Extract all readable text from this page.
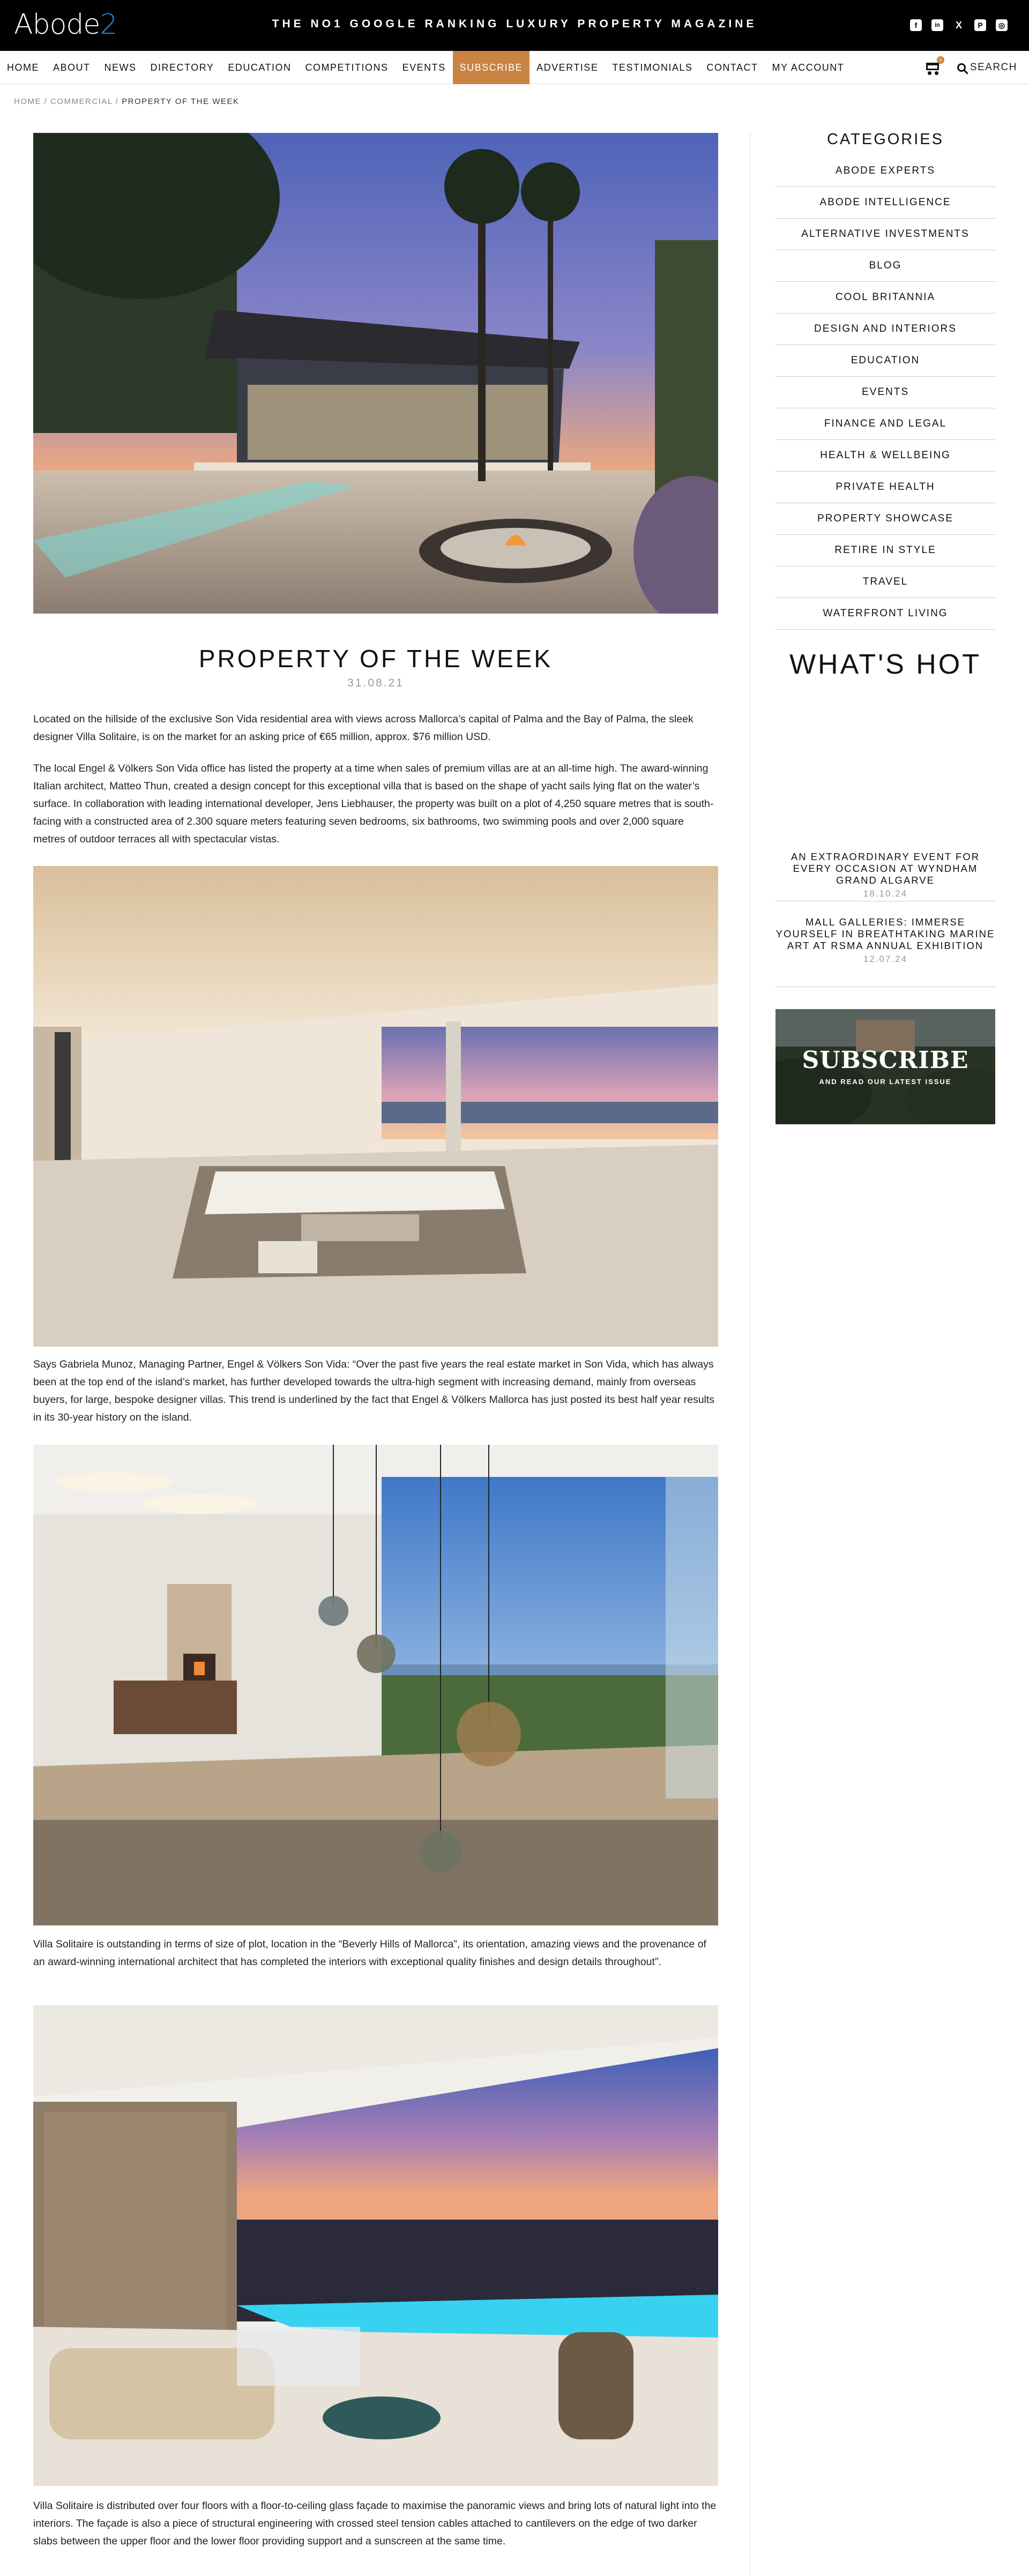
Abode2	THE NO1 GOOGLE RANKING LUXURY PROPERTY MAGAZINE	f	in	X	P	◎
HOME	ABOUT	NEWS	DIRECTORY	EDUCATION	COMPETITIONS	EVENTS	SUBSCRIBE	ADVERTISE	TESTIMONIALS	CONTACT	MY ACCOUNT
0
SEARCH
HOME / COMMERCIAL / PROPERTY OF THE WEEK
PROPERTY OF THE WEEK
31.08.21

Located on the hillside of the exclusive Son Vida residential area with views across Mallorca’s capital of Palma and the Bay of Palma, the sleek designer Villa Solitaire, is on the market for an asking price of €65 million, approx. $76 million USD.

The local Engel & Völkers Son Vida office has listed the property at a time when sales of premium villas are at an all-time high. The award-winning Italian architect, Matteo Thun, created a design concept for this exceptional villa that is based on the shape of yacht sails lying flat on the water’s surface. In collaboration with leading international developer, Jens Liebhauser, the property was built on a plot of 4,250 square metres that is south-facing with a constructed area of 2.300 square meters featuring seven bedrooms, six bathrooms, two swimming pools and over 2,000 square metres of outdoor terraces all with spectacular vistas.

Says Gabriela Munoz, Managing Partner, Engel & Völkers Son Vida: “Over the past five years the real estate market in Son Vida, which has always been at the top end of the island’s market, has further developed towards the ultra-high segment with increasing demand, mainly from overseas buyers, for large, bespoke designer villas. This trend is underlined by the fact that Engel & Völkers Mallorca has just posted its best half year results in its 30-year history on the island.

Villa Solitaire is outstanding in terms of size of plot, location in the “Beverly Hills of Mallorca”, its orientation, amazing views and the provenance of an award-winning international architect that has completed the interiors with exceptional quality finishes and design details throughout”.

Villa Solitaire is distributed over four floors with a floor-to-ceiling glass façade to maximise the panoramic views and bring lots of natural light into the interiors. The façade is also a piece of structural engineering with crossed steel tension cables attached to cantilevers on the edge of two darker slabs between the upper floor and the lower floor providing support and a sunscreen at the same time.

CATEGORIES
ABODE EXPERTS
ABODE INTELLIGENCE
ALTERNATIVE INVESTMENTS
BLOG
COOL BRITANNIA
DESIGN AND INTERIORS
EDUCATION
EVENTS
FINANCE AND LEGAL
HEALTH & WELLBEING
PRIVATE HEALTH
PROPERTY SHOWCASE
RETIRE IN STYLE
TRAVEL
WATERFRONT LIVING
WHAT'S HOT
AN EXTRAORDINARY EVENT FOR EVERY OCCASION AT WYNDHAM GRAND ALGARVE
18.10.24
MALL GALLERIES: IMMERSE YOURSELF IN BREATHTAKING MARINE ART AT RSMA ANNUAL EXHIBITION
12.07.24
SUBSCRIBE
AND READ OUR LATEST ISSUE
